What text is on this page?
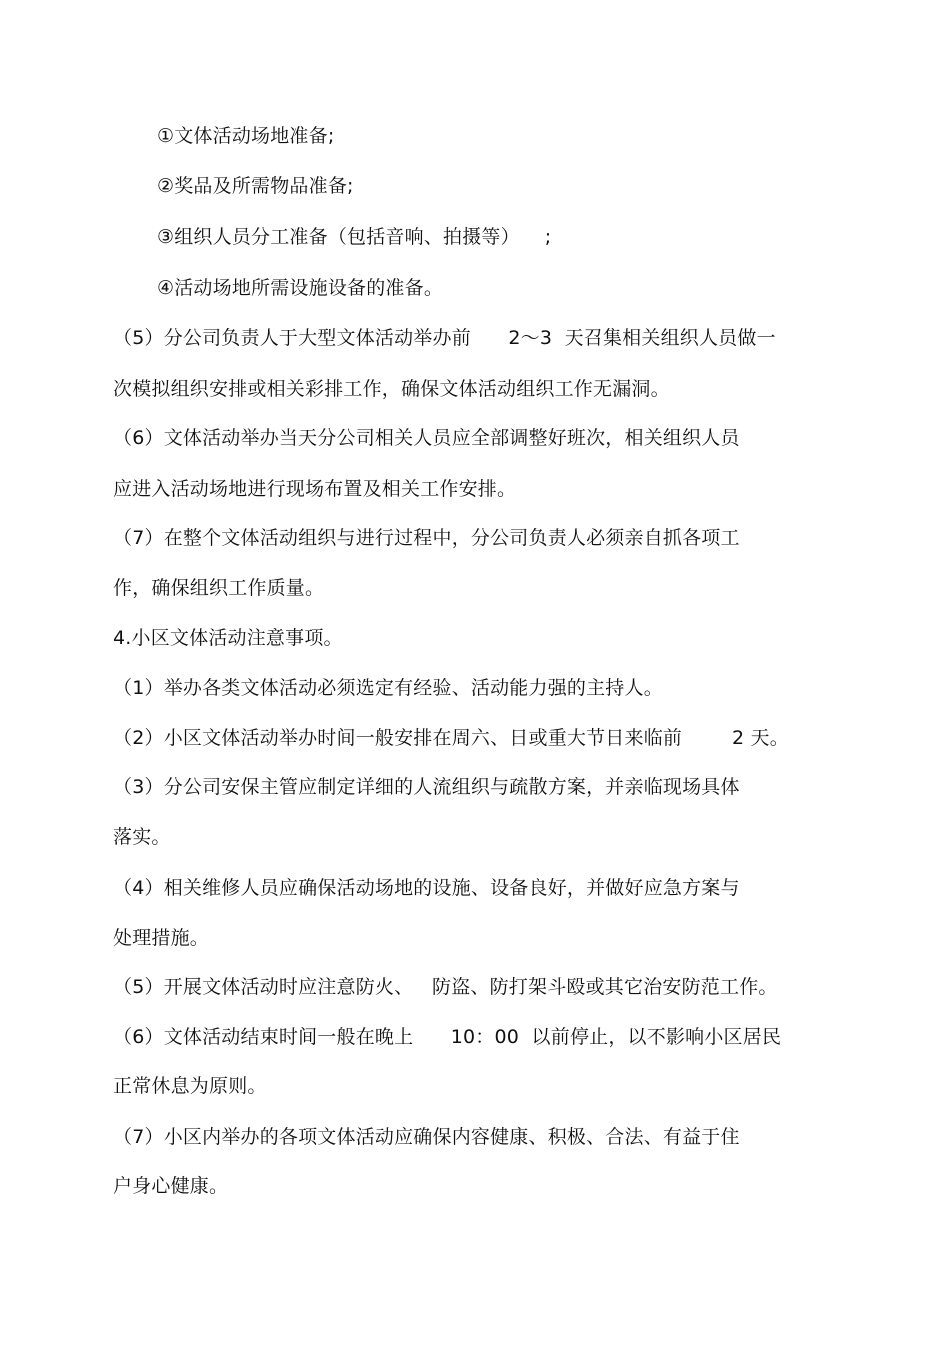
①文体活动场地准备;
②奖品及所需物品准备;
③组织人员分工准备（包括音响、拍摄等）    ;
④活动场地所需设施设备的准备。
（5）分公司负责人于大型文体活动举办前      2～3  天召集相关组织人员做一
次模拟组织安排或相关彩排工作，确保文体活动组织工作无漏洞。
（6）文体活动举办当天分公司相关人员应全部调整好班次，相关组织人员
应进入活动场地进行现场布置及相关工作安排。
（7）在整个文体活动组织与进行过程中，分公司负责人必须亲自抓各项工
作，确保组织工作质量。
4.小区文体活动注意事项。
（1）举办各类文体活动必须选定有经验、活动能力强的主持人。
（2）小区文体活动举办时间一般安排在周六、日或重大节日来临前        2 天。
（3）分公司安保主管应制定详细的人流组织与疏散方案，并亲临现场具体
落实。
（4）相关维修人员应确保活动场地的设施、设备良好，并做好应急方案与
处理措施。
（5）开展文体活动时应注意防火、   防盗、防打架斗殴或其它治安防范工作。
（6）文体活动结束时间一般在晚上      10：00  以前停止，以不影响小区居民
正常休息为原则。
（7）小区内举办的各项文体活动应确保内容健康、积极、合法、有益于住
户身心健康。
